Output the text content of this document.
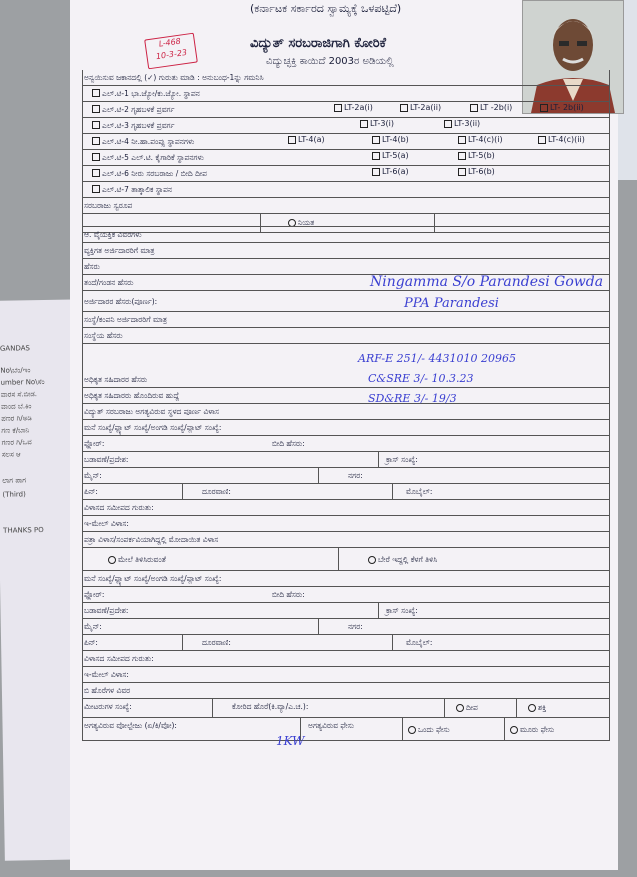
GANDAS
No\ಬೆಂ/ಇಂ
umber No\ಸೆಂ
ವಾರಸ ಸೆ.ಬೀಡ.
ವಾಂದ ಬೆ.ಕಿಂ
ಪಣರ ಗಿ/ಅಡಿ
ಗಣ ಕೆ/ಬಾನಿ
ಗಣರ ಗಿ/ಒವ
ಸಲಸ ಆ
ಲಾಗ ಪಾಗ
(Third)
THANKS PO
(ಕರ್ನಾಟಕ ಸರ್ಕಾರದ ಸ್ವಾಮ್ಯಕ್ಕೆ ಒಳಪಟ್ಟಿದೆ)
ವಿದ್ಯುತ್ ಸರಬರಾಜಿಗಾಗಿ ಕೋರಿಕೆ
ವಿದ್ಯುಚ್ಛಕ್ತಿ ಕಾಯಿದೆ 2003ರ ಅಡಿಯಲ್ಲಿ
L-468
10-3-23
ಅನ್ವಯಿಸುವ ಜಕಾನದಲ್ಲಿ (✓) ಗುರುತು ಮಾಡಿ : ಅನುಬಂಧ-1ನ್ನು ಗಮನಿಸಿ
ಎಲ್.ಟಿ-1 ಭಾ.ಜ್ಯೋ/ಕು.ಜ್ಯೋ. ಸ್ಥಾಪನ
ಎಲ್.ಟಿ-2 ಗೃಹಬಳಕೆ ಪ್ರವರ್ಗ	LT-2a(i)	LT-2a(ii)	LT -2b(i)	LT- 2b(ii)
ಎಲ್.ಟಿ-3 ಗೃಹಬಳಕೆ ಪ್ರವರ್ಗ	LT-3(i)	LT-3(ii)
ಎಲ್.ಟಿ-4 ನೀ.ಹಾ.ಪಂಪ್ಸು ಸ್ಥಾಪನಗಳು	LT-4(a)	LT-4(b)	LT-4(c)(i)	LT-4(c)(ii)
ಎಲ್.ಟಿ-5 ಎಲ್.ಟಿ. ಕೈಗಾರಿಕೆ ಸ್ಥಾಪನಗಳು	LT-5(a)	LT-5(b)
ಎಲ್.ಟಿ-6 ನೀರು ಸರಬರಾಜು / ಬೀದಿ ದೀಪ	LT-6(a)	LT-6(b)
ಎಲ್.ಟಿ-7 ತಾತ್ಕಾಲಿಕ ಸ್ಥಾಪನ
ಸರಬರಾಜು ಸ್ವರೂಪ
ನಿಯತ
ಆ. ವೈಯಕ್ತಿಕ ವಿವರಗಳು
ವ್ಯಕ್ತಿಗತ ಅರ್ಜಿದಾರರಿಗೆ ಮಾತ್ರ
ಹೆಸರು
ತಂದೆ/ಗಂಡನ ಹೆಸರು
ಅರ್ಜಿದಾರರ ಹೆಸರು(ಪೂರ್ಣ):
ಸಂಸ್ಥೆ/ಕಂಪನಿ ಅರ್ಜಿದಾರರಿಗೆ ಮಾತ್ರ
ಸಂಸ್ಥೆಯ ಹೆಸರು
ಅಧಿಕೃತ ಸಹಿದಾರರ ಹೆಸರು
ಅಧಿಕೃತ ಸಹಿದಾರರು ಹೊಂದಿರುವ ಹುದ್ದೆ
ವಿದ್ಯುತ್ ಸರಬರಾಜು ಅಗತ್ಯವಿರುವ ಸ್ಥಳದ ಪೂರ್ಣ ವಿಳಾಸ
ಮನೆ ಸಂಖ್ಯೆ/ಫ್ಲ್ಯಾಟ್ ಸಂಖ್ಯೆ/ಅಂಗಡಿ ಸಂಖ್ಯೆ/ಪ್ಲಾಟ್ ಸಂಖ್ಯೆ:
ಫ್ಲೋರ್:	ಬೀದಿ ಹೆಸರು:
ಬಡಾವಣೆ/ಪ್ರದೇಶ:	ಕ್ರಾಸ್ ಸಂಖ್ಯೆ:
ಮೈನ್:	ನಗರ:
ಪಿನ್:	ದೂರವಾಣಿ:	ಮೊಬೈಲ್:
ವಿಳಾಸದ ಸಮೀಪದ ಗುರುತು:
ಇ-ಮೇಲ್ ವಿಳಾಸ:
ಪತ್ರಾ ವಿಳಾಸ/ಸಂಪರ್ಕವಿಯಾಗಿದ್ದಲ್ಲಿ ಮೋದಾಯಿತ ವಿಳಾಸ
ಮೇಲೆ ತಿಳಿಸಿರುವಂತೆ	ಬೇರೆ ಇದ್ದಲ್ಲಿ ಕೆಳಗೆ ತಿಳಿಸಿ
ಮನೆ ಸಂಖ್ಯೆ/ಫ್ಲ್ಯಾಟ್ ಸಂಖ್ಯೆ/ಅಂಗಡಿ ಸಂಖ್ಯೆ/ಪ್ಲಾಟ್ ಸಂಖ್ಯೆ:
ಫ್ಲೋರ್:	ಬೀದಿ ಹೆಸರು:
ಬಡಾವಣೆ/ಪ್ರದೇಶ:	ಕ್ರಾಸ್ ಸಂಖ್ಯೆ:
ಮೈನ್:	ನಗರ:
ಪಿನ್:	ದೂರವಾಣಿ:	ಮೊಬೈಲ್:
ವಿಳಾಸದ ಸಮೀಪದ ಗುರುತು:
ಇ-ಮೇಲ್ ವಿಳಾಸ:
ಬಿ ಹೊರೆಗಳ ವಿವರ
ಮೀಟರುಗಳ ಸಂಖ್ಯೆ:	ಕೋರಿದ ಹೊರೆ(ಕಿ.ವ್ಯಾ/ಎ.ಚ.):	ದೀಪ	ಶಕ್ತಿ
ಅಗತ್ಯವಿರುವ ವೋಲ್ಟೇಜು (ಏ/ಕಿ/ವೋ):	ಅಗತ್ಯವಿರುವ ಫೇಸು	ಒಂದು ಫೇಸು	ಮೂರು ಫೇಸು
Ningamma S/o Parandesi Gowda
PPA Parandesi
ARF-E 251/- 4431010 20965
C&SRE 3/- 10.3.23
SD&RE 3/- 19/3
1KW
